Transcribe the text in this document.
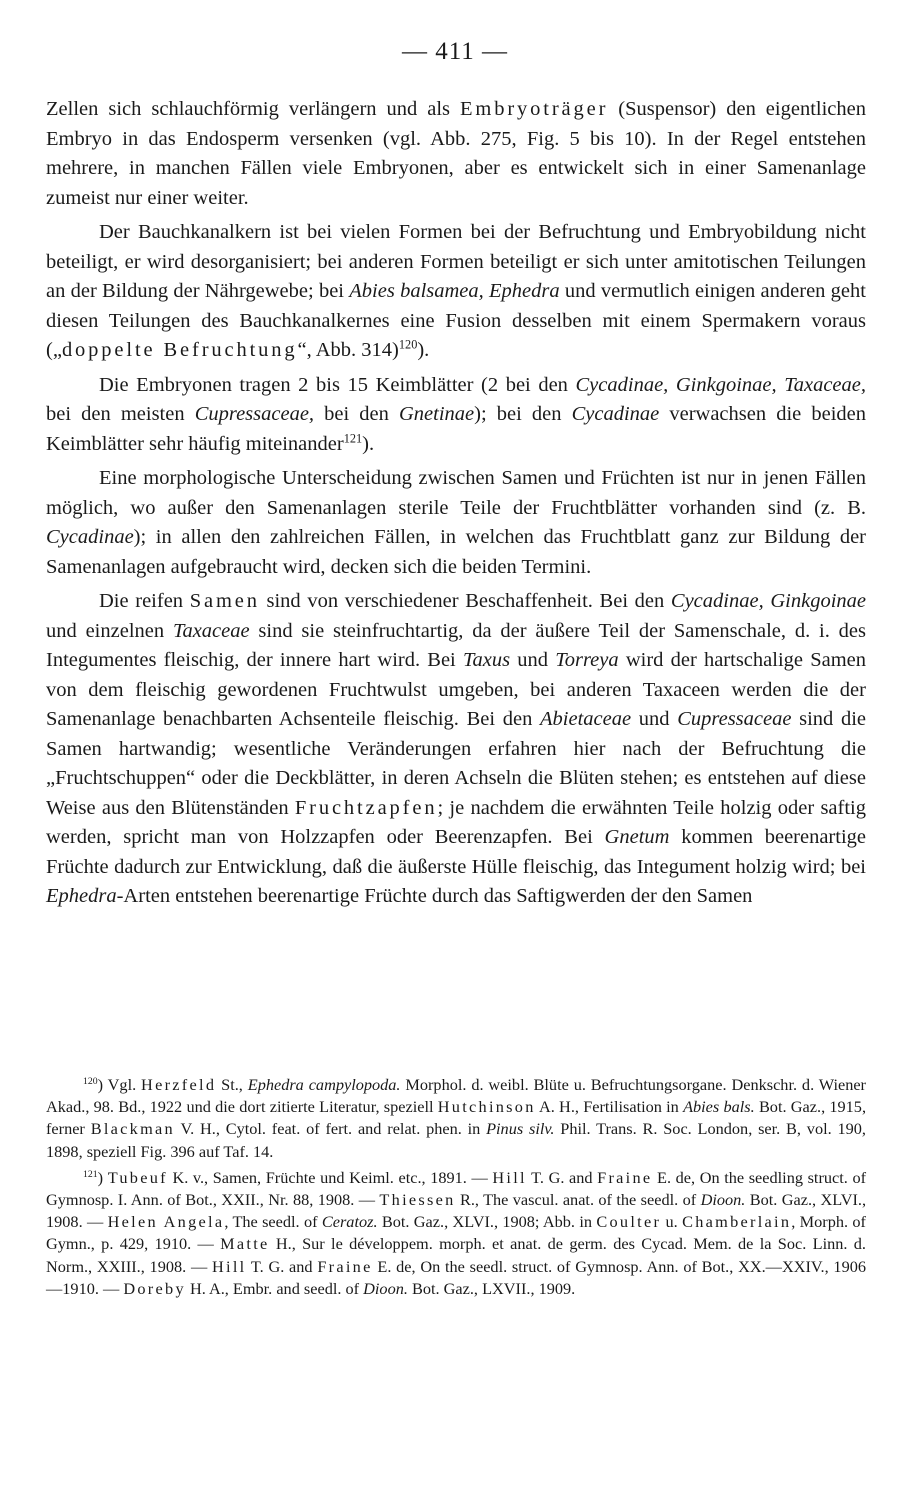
— 411 —

Zellen sich schlauchförmig verlängern und als Embryoträger (Suspensor) den eigentlichen Embryo in das Endosperm versenken (vgl. Abb. 275, Fig. 5 bis 10). In der Regel entstehen mehrere, in manchen Fällen viele Embryonen, aber es entwickelt sich in einer Samenanlage zumeist nur einer weiter.

Der Bauchkanalkern ist bei vielen Formen bei der Befruchtung und Embryobildung nicht beteiligt, er wird desorganisiert; bei anderen Formen beteiligt er sich unter amitotischen Teilungen an der Bildung der Nährgewebe; bei Abies balsamea, Ephedra und vermutlich einigen anderen geht diesen Teilungen des Bauchkanalkernes eine Fusion desselben mit einem Spermakern voraus („doppelte Befruchtung“, Abb. 314)$^{120}$).

Die Embryonen tragen 2 bis 15 Keimblätter (2 bei den Cycadinae, Ginkgoinae, Taxaceae, bei den meisten Cupressaceae, bei den Gnetinae); bei den Cycadinae verwachsen die beiden Keimblätter sehr häufig miteinander$^{121}$).

Eine morphologische Unterscheidung zwischen Samen und Früchten ist nur in jenen Fällen möglich, wo außer den Samenanlagen sterile Teile der Fruchtblätter vorhanden sind (z. B. Cycadinae); in allen den zahlreichen Fällen, in welchen das Fruchtblatt ganz zur Bildung der Samenanlagen aufgebraucht wird, decken sich die beiden Termini.

Die reifen Samen sind von verschiedener Beschaffenheit. Bei den Cycadinae, Ginkgoinae und einzelnen Taxaceae sind sie steinfruchtartig, da der äußere Teil der Samenschale, d. i. des Integumentes fleischig, der innere hart wird. Bei Taxus und Torreya wird der hartschalige Samen von dem fleischig gewordenen Fruchtwulst umgeben, bei anderen Taxaceen werden die der Samenanlage benachbarten Achsenteile fleischig. Bei den Abietaceae und Cupressaceae sind die Samen hartwandig; wesentliche Veränderungen erfahren hier nach der Befruchtung die „Fruchtschuppen“ oder die Deckblätter, in deren Achseln die Blüten stehen; es entstehen auf diese Weise aus den Blütenständen Fruchtzapfen; je nachdem die erwähnten Teile holzig oder saftig werden, spricht man von Holzzapfen oder Beerenzapfen. Bei Gnetum kommen beerenartige Früchte dadurch zur Entwicklung, daß die äußerste Hülle fleischig, das Integument holzig wird; bei Ephedra-Arten entstehen beerenartige Früchte durch das Saftigwerden der den Samen

$^{120}$) Vgl. Herzfeld St., Ephedra campylopoda. Morphol. d. weibl. Blüte u. Befruchtungsorgane. Denkschr. d. Wiener Akad., 98. Bd., 1922 und die dort zitierte Literatur, speziell Hutchinson A. H., Fertilisation in Abies bals. Bot. Gaz., 1915, ferner Blackman V. H., Cytol. feat. of fert. and relat. phen. in Pinus silv. Phil. Trans. R. Soc. London, ser. B, vol. 190, 1898, speziell Fig. 396 auf Taf. 14.

$^{121}$) Tubeuf K. v., Samen, Früchte und Keiml. etc., 1891. — Hill T. G. and Fraine E. de, On the seedling struct. of Gymnosp. I. Ann. of Bot., XXII., Nr. 88, 1908. — Thiessen R., The vascul. anat. of the seedl. of Dioon. Bot. Gaz., XLVI., 1908. — Helen Angela, The seedl. of Ceratoz. Bot. Gaz., XLVI., 1908; Abb. in Coulter u. Chamberlain, Morph. of Gymn., p. 429, 1910. — Matte H., Sur le développem. morph. et anat. de germ. des Cycad. Mem. de la Soc. Linn. d. Norm., XXIII., 1908. — Hill T. G. and Fraine E. de, On the seedl. struct. of Gymnosp. Ann. of Bot., XX.—XXIV., 1906—1910. — Doreby H. A., Embr. and seedl. of Dioon. Bot. Gaz., LXVII., 1909.
